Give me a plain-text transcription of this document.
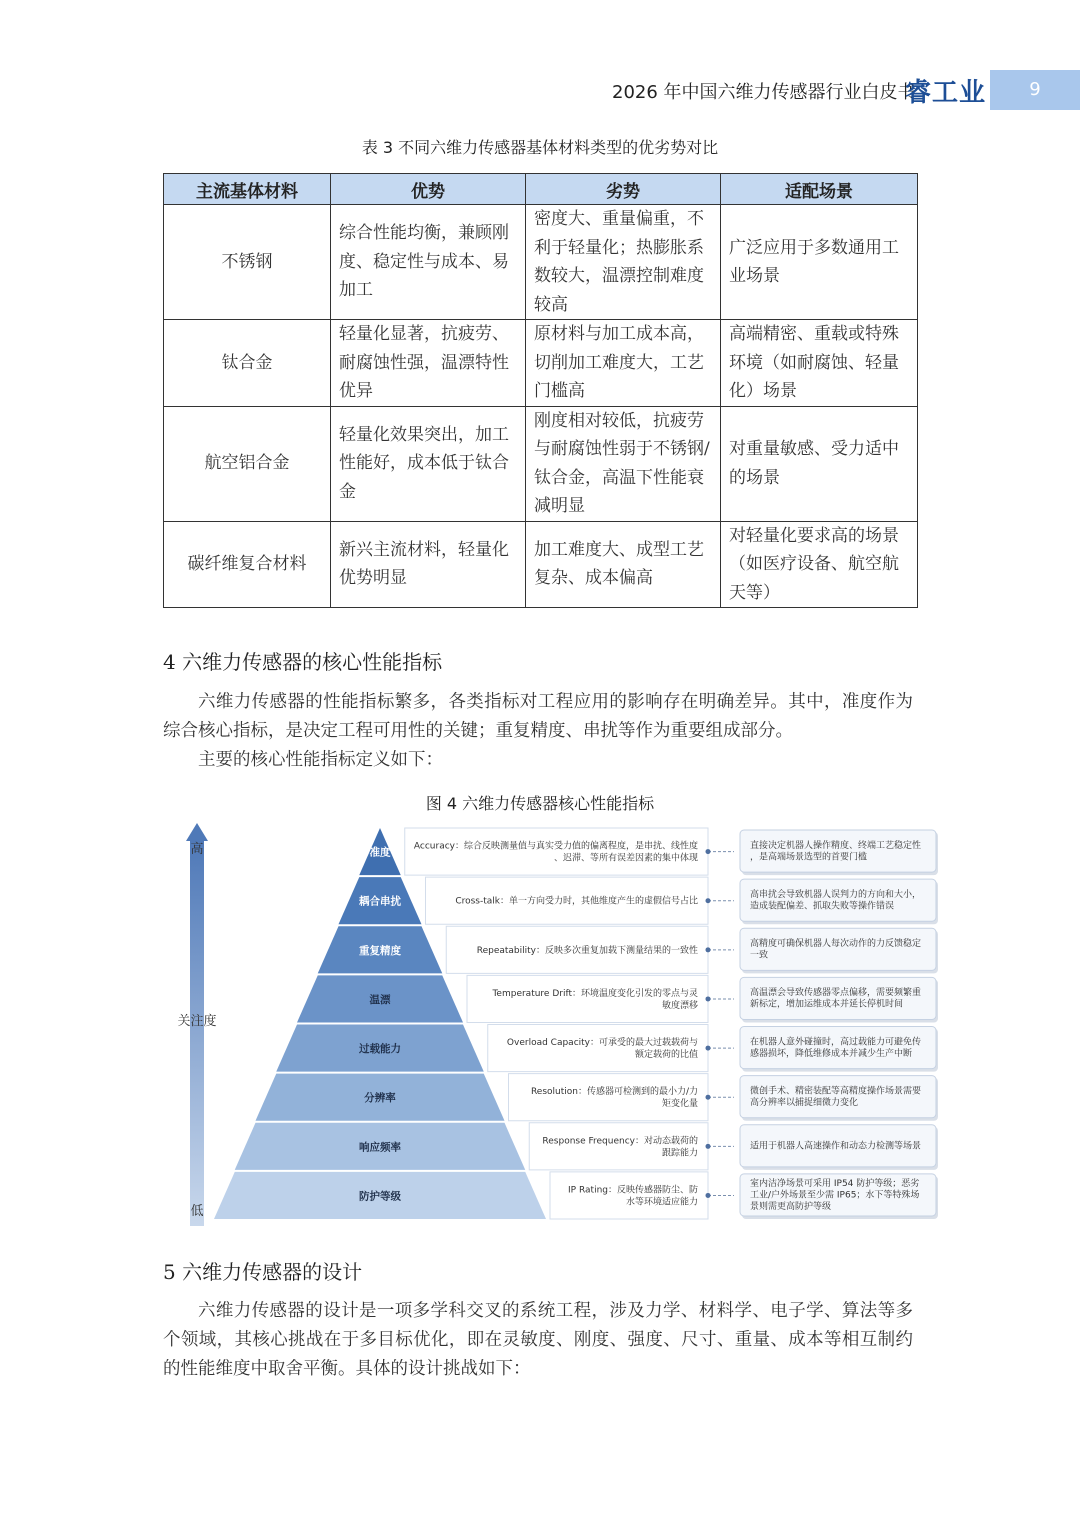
2026 年中国六维力传感器行业白皮书
睿工业	9
表 3 不同六维力传感器基体材料类型的优劣势对比
主流基体材料	优势	劣势	适配场景
不锈钢	综合性能均衡，兼顾刚度、稳定性与成本、易加工	密度大、重量偏重，不利于轻量化；热膨胀系数较大，温漂控制难度较高	广泛应用于多数通用工业场景
钛合金	轻量化显著，抗疲劳、耐腐蚀性强，温漂特性优异	原材料与加工成本高，切削加工难度大，工艺门槛高	高端精密、重载或特殊环境（如耐腐蚀、轻量化）场景
航空铝合金	轻量化效果突出，加工性能好，成本低于钛合金	刚度相对较低，抗疲劳与耐腐蚀性弱于不锈钢/钛合金，高温下性能衰减明显	对重量敏感、受力适中的场景
碳纤维复合材料	新兴主流材料，轻量化优势明显	加工难度大、成型工艺复杂、成本偏高	对轻量化要求高的场景（如医疗设备、航空航天等）
4 六维力传感器的核心性能指标
六维力传感器的性能指标繁多，各类指标对工程应用的影响存在明确差异。其中，准度作为综合核心指标，是决定工程可用性的关键；重复精度、串扰等作为重要组成部分。
主要的核心性能指标定义如下：
图 4 六维力传感器核心性能指标
高
关注度
低
准度	Accuracy：综合反映测量值与真实受力值的偏离程度，是串扰、线性度
、迟滞、等所有误差因素的集中体现
直接决定机器人操作精度、终端工艺稳定性
，是高端场景选型的首要门槛
耦合串扰	Cross-talk：单一方向受力时，其他维度产生的虚假信号占比
高串扰会导致机器人误判力的方向和大小，
造成装配偏差、抓取失败等操作错误
重复精度	Repeatability：反映多次重复加载下测量结果的一致性
高精度可确保机器人每次动作的力反馈稳定
一致
温漂	Temperature Drift：环境温度变化引发的零点与灵
敏度漂移
高温漂会导致传感器零点偏移，需要频繁重
新标定，增加运维成本并延长停机时间
过载能力	Overload Capacity：可承受的最大过载载荷与
额定载荷的比值
在机器人意外碰撞时，高过载能力可避免传
感器损坏，降低维修成本并减少生产中断
分辨率	Resolution：传感器可检测到的最小力/力
矩变化量
微创手术、精密装配等高精度操作场景需要
高分辨率以捕捉细微力变化
响应频率	Response Frequency：对动态载荷的
跟踪能力
适用于机器人高速操作和动态力检测等场景
防护等级	IP Rating：反映传感器防尘、防
水等环境适应能力
室内洁净场景可采用 IP54 防护等级；恶劣
工业/户外场景至少需 IP65；水下等特殊场
景则需更高防护等级
5 六维力传感器的设计
六维力传感器的设计是一项多学科交叉的系统工程，涉及力学、材料学、电子学、算法等多个领域，其核心挑战在于多目标优化，即在灵敏度、刚度、强度、尺寸、重量、成本等相互制约的性能维度中取舍平衡。具体的设计挑战如下：
